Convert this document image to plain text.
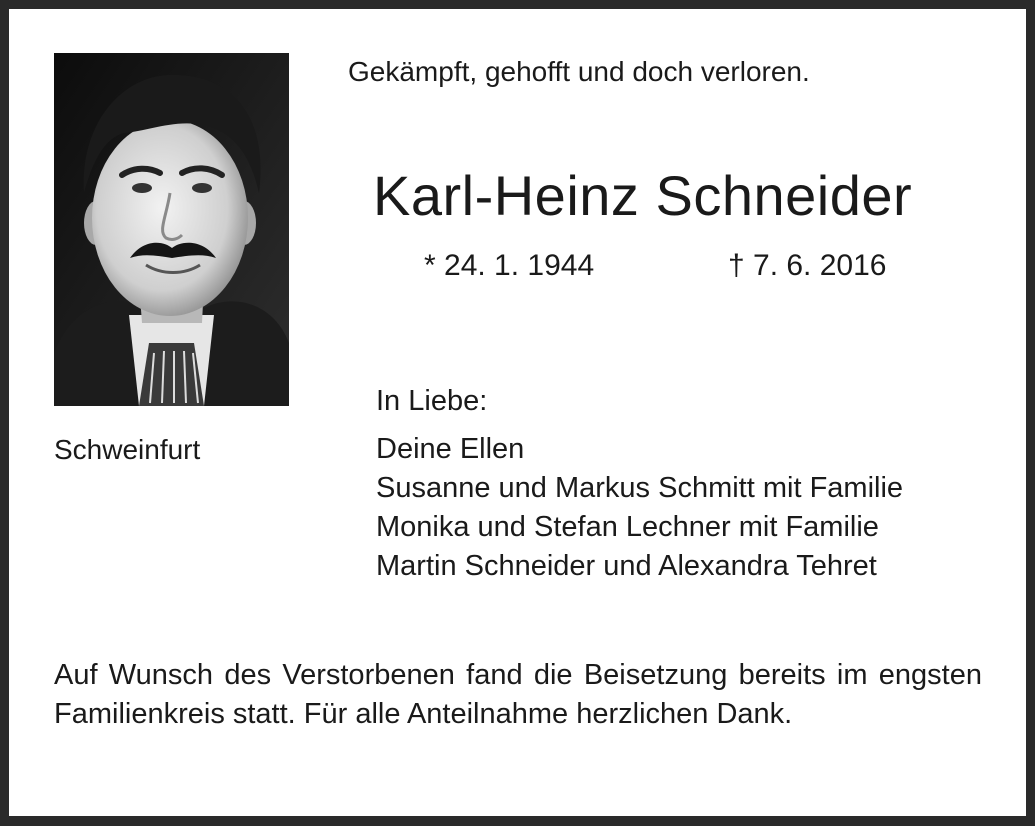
Schweinfurt
Gekämpft, gehofft und doch verloren.
Karl-Heinz Schneider
* 24. 1. 1944	† 7. 6. 2016
In Liebe:
Deine Ellen
Susanne und Markus Schmitt mit Familie
Monika und Stefan Lechner mit Familie
Martin Schneider und Alexandra Tehret

Auf Wunsch des Verstorbenen fand die Beisetzung bereits im engsten Familienkreis statt. Für alle Anteilnahme herzlichen Dank.
